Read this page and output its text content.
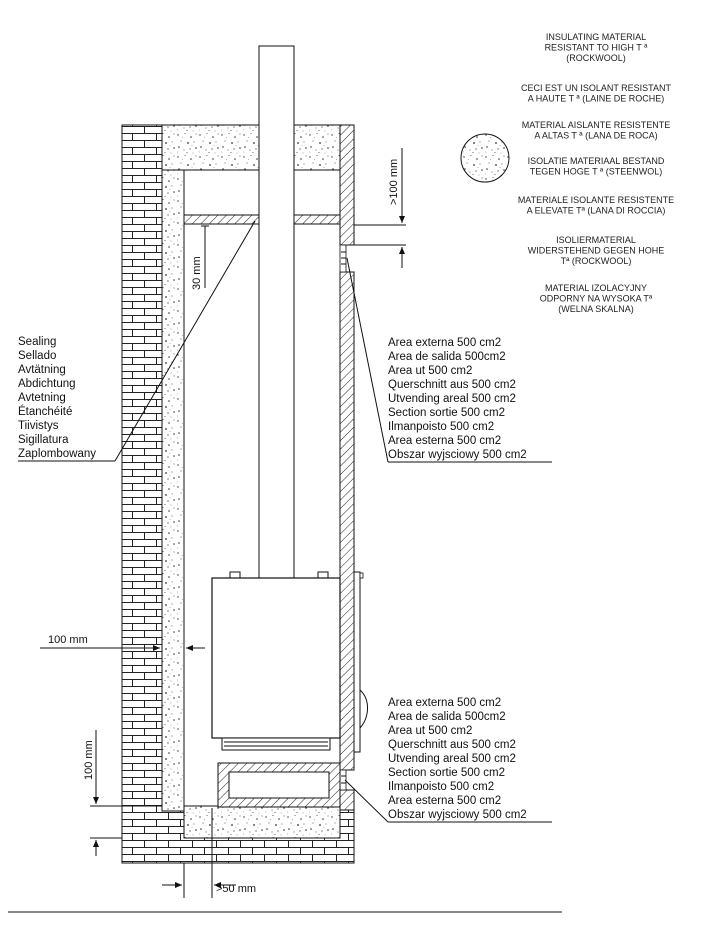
INSULATING MATERIAL RESISTANT TO HIGH T ª (ROCKWOOL)
CECI EST UN ISOLANT RESISTANT A HAUTE T ª (LAINE DE ROCHE)
MATERIAL AISLANTE RESISTENTE A ALTAS T ª (LANA DE ROCA)
ISOLATIE MATERIAAL BESTAND TEGEN HOGE T ª (STEENWOL)
MATERIALE ISOLANTE RESISTENTE A ELEVATE Tª (LANA DI ROCCIA)
ISOLIERMATERIAL WIDERSTEHEND GEGEN HOHE Tª (ROCKWOOL)
MATERIAL IZOLACYJNY ODPORNY NA WYSOKA Tª (WELNA SKALNA)
Sealing Sellado Avtätning Abdichtung Avtetning Étanchéité Tiivistys Sigillatura Zaplombowany
Area externa 500 cm2 Area de salida 500cm2 Area ut 500 cm2 Querschnitt aus 500 cm2 Utvending areal 500 cm2 Section sortie 500 cm2 Ilmanpoisto 500 cm2 Area esterna 500 cm2 Obszar wyjsciowy 500 cm2
Area externa 500 cm2 Area de salida 500cm2 Area ut 500 cm2 Querschnitt aus 500 cm2 Utvending areal 500 cm2 Section sortie 500 cm2 Ilmanpoisto 500 cm2 Area esterna 500 cm2 Obszar wyjsciowy 500 cm2
>100 mm
30 mm
100 mm
100 mm
>50 mm
